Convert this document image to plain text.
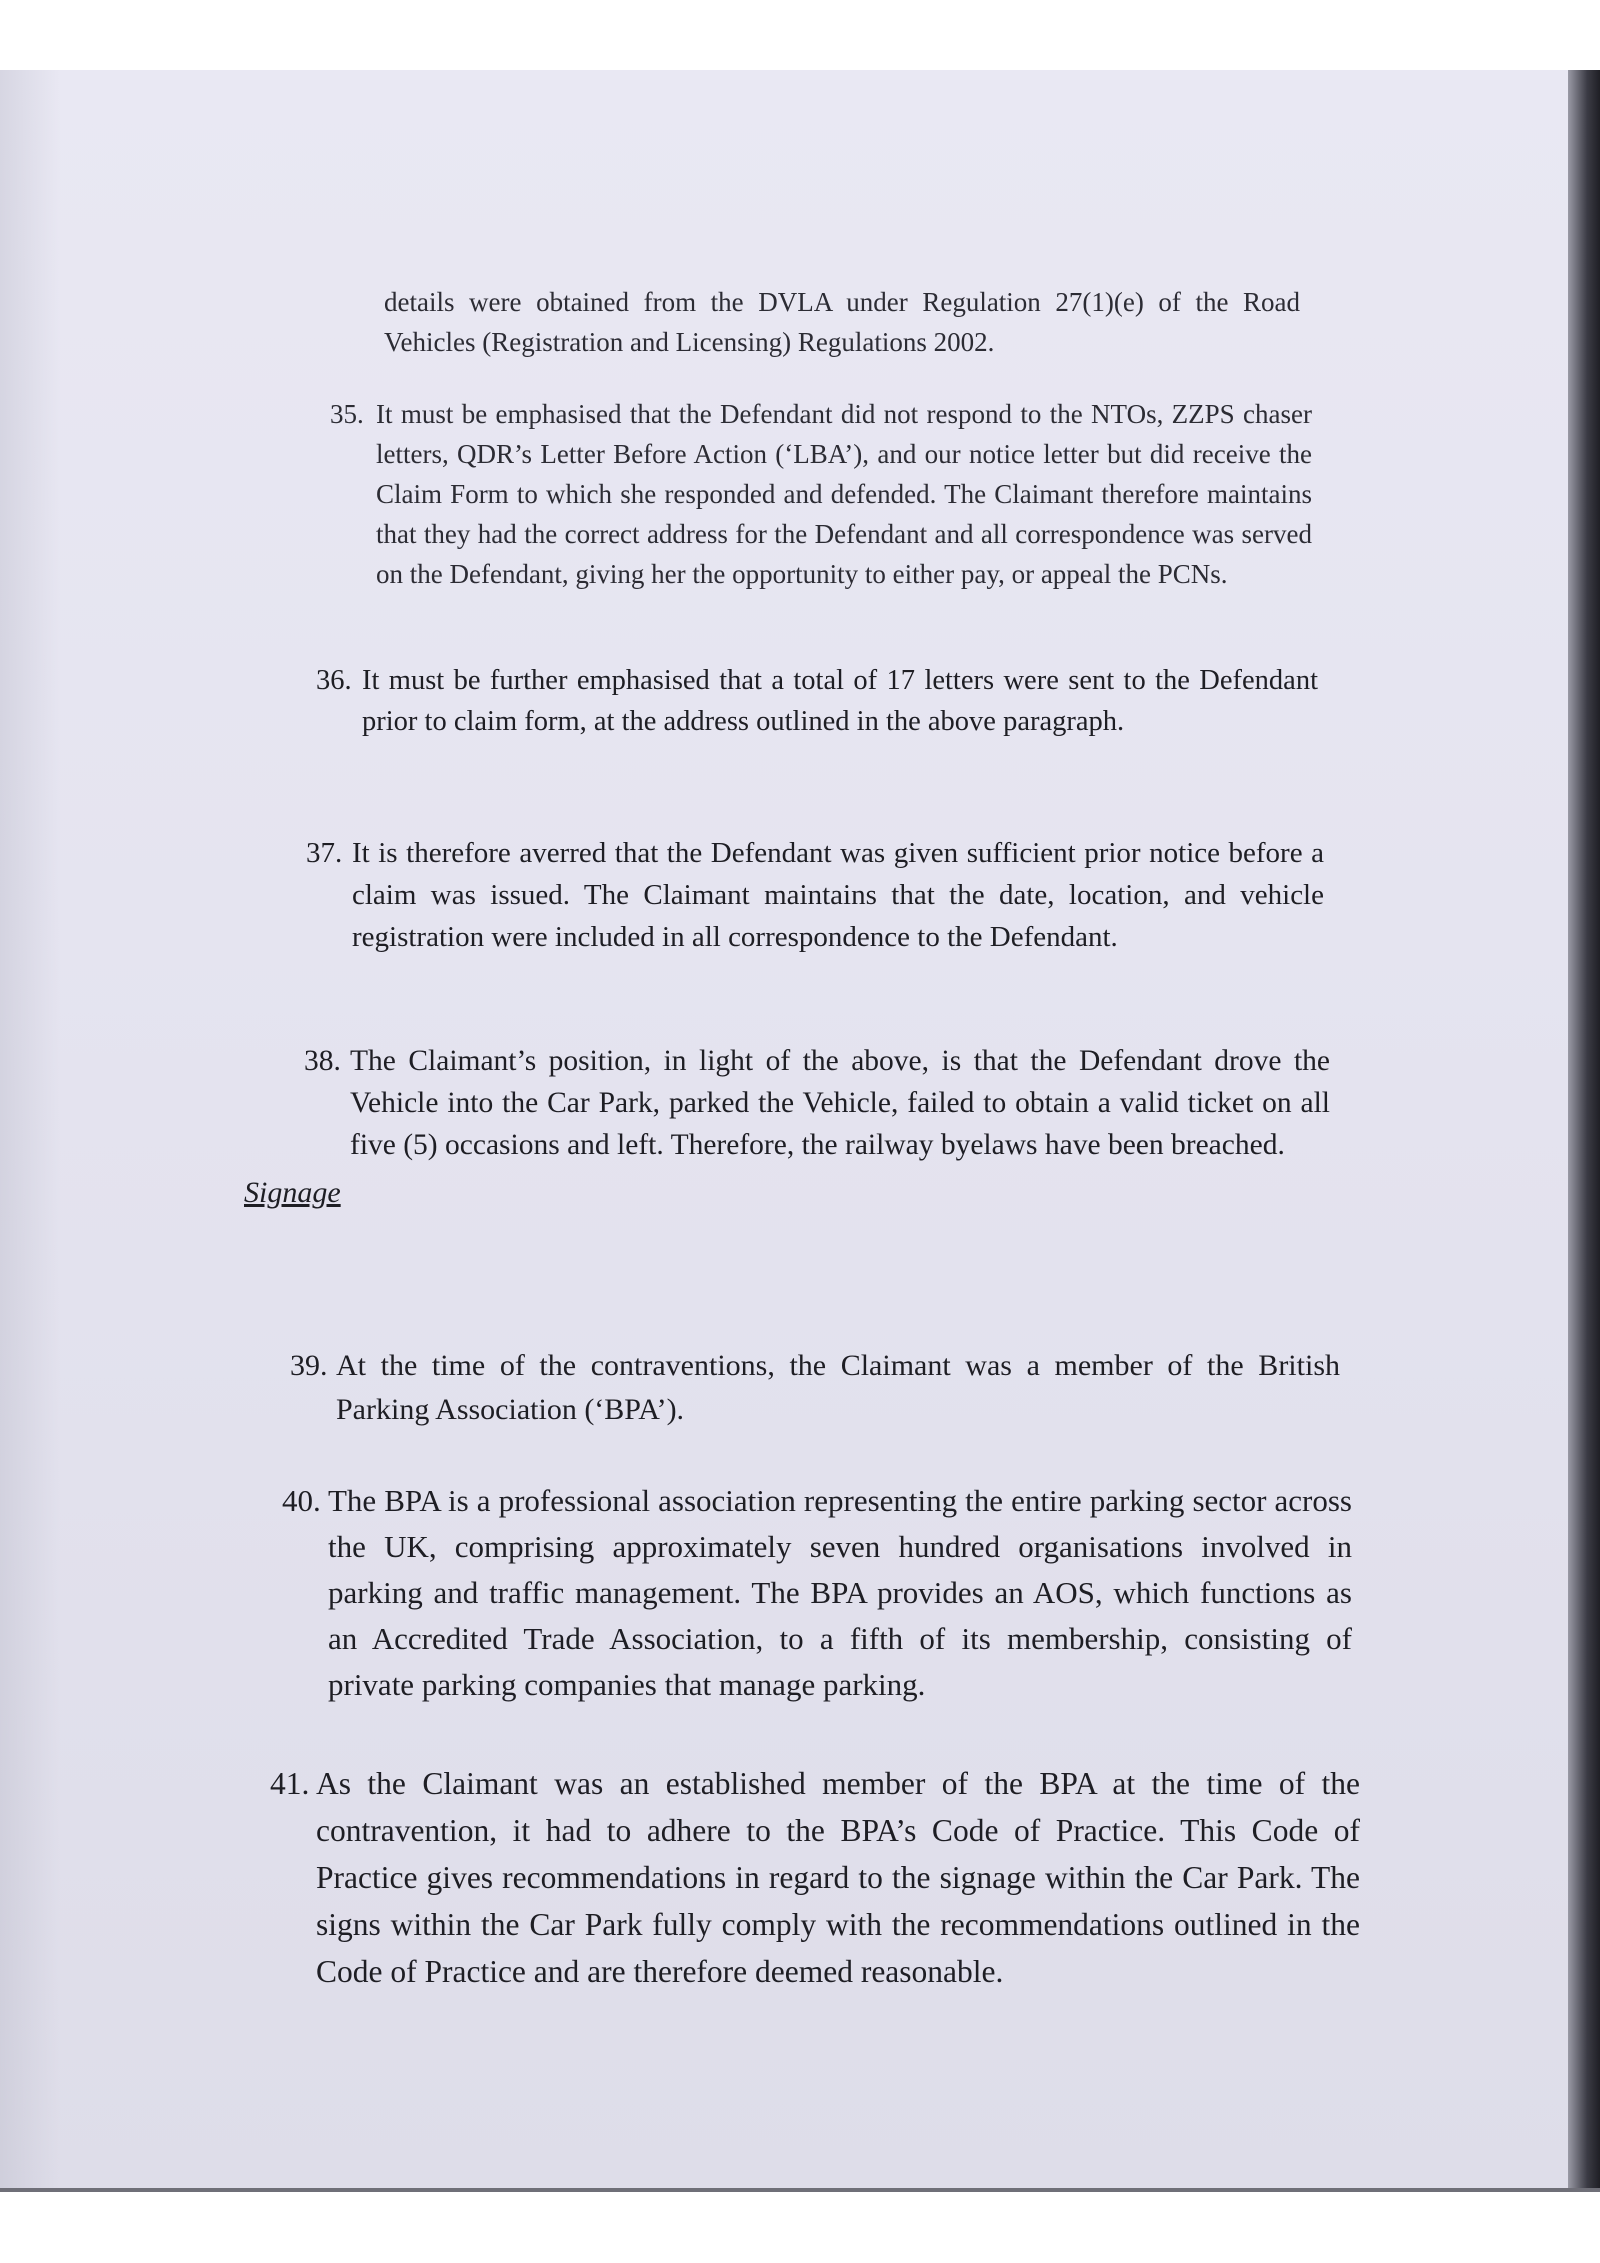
details were obtained from the DVLA under Regulation 27(1)(e) of the Road Vehicles (Registration and Licensing) Regulations 2002.

35. It must be emphasised that the Defendant did not respond to the NTOs, ZZPS chaser letters, QDR’s Letter Before Action (‘LBA’), and our notice letter but did receive the Claim Form to which she responded and defended. The Claimant therefore maintains that they had the correct address for the Defendant and all correspondence was served on the Defendant, giving her the opportunity to either pay, or appeal the PCNs.

36. It must be further emphasised that a total of 17 letters were sent to the Defendant prior to claim form, at the address outlined in the above paragraph.

37. It is therefore averred that the Defendant was given sufficient prior notice before a claim was issued. The Claimant maintains that the date, location, and vehicle registration were included in all correspondence to the Defendant.

38. The Claimant’s position, in light of the above, is that the Defendant drove the Vehicle into the Car Park, parked the Vehicle, failed to obtain a valid ticket on all five (5) occasions and left. Therefore, the railway byelaws have been breached.

Signage
39. At the time of the contraventions, the Claimant was a member of the British Parking Association (‘BPA’).

40. The BPA is a professional association representing the entire parking sector across the UK, comprising approximately seven hundred organisations involved in parking and traffic management. The BPA provides an AOS, which functions as an Accredited Trade Association, to a fifth of its membership, consisting of private parking companies that manage parking.

41. As the Claimant was an established member of the BPA at the time of the contravention, it had to adhere to the BPA’s Code of Practice. This Code of Practice gives recommendations in regard to the signage within the Car Park. The signs within the Car Park fully comply with the recommendations outlined in the Code of Practice and are therefore deemed reasonable.
